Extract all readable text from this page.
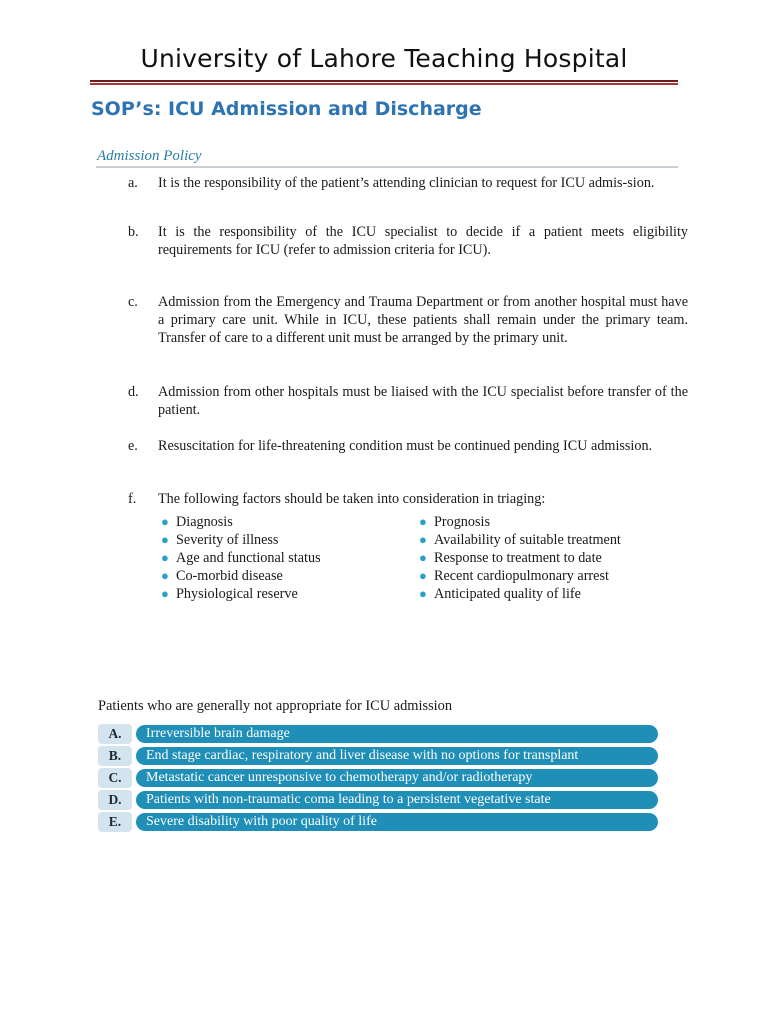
University of Lahore Teaching Hospital
SOP’s: ICU Admission and Discharge
Admission Policy
a.	It is the responsibility of the patient’s attending clinician to request for ICU admis-sion.
b.	It is the responsibility of the ICU specialist to decide if a patient meets eligibility requirements for ICU (refer to admission criteria for ICU).
c.	Admission from the Emergency and Trauma Department or from another hospital must have a primary care unit. While in ICU, these patients shall remain under the primary team. Transfer of care to a different unit must be arranged by the primary unit.
d.	Admission from other hospitals must be liaised with the ICU specialist before transfer of the patient.
e.	Resuscitation for life-threatening condition must be continued pending ICU admission.
f.	The following factors should be taken into consideration in triaging:
● Diagnosis
● Severity of illness
● Age and functional status
● Co-morbid disease
● Physiological reserve
● Prognosis
● Availability of suitable treatment
● Response to treatment to date
● Recent cardiopulmonary arrest
● Anticipated quality of life
Patients who are generally not appropriate for ICU admission
A.	Irreversible brain damage
B.	End stage cardiac, respiratory and liver disease with no options for transplant
C.	Metastatic cancer unresponsive to chemotherapy and/or radiotherapy
D.	Patients with non-traumatic coma leading to a persistent vegetative state
E.	Severe disability with poor quality of life
